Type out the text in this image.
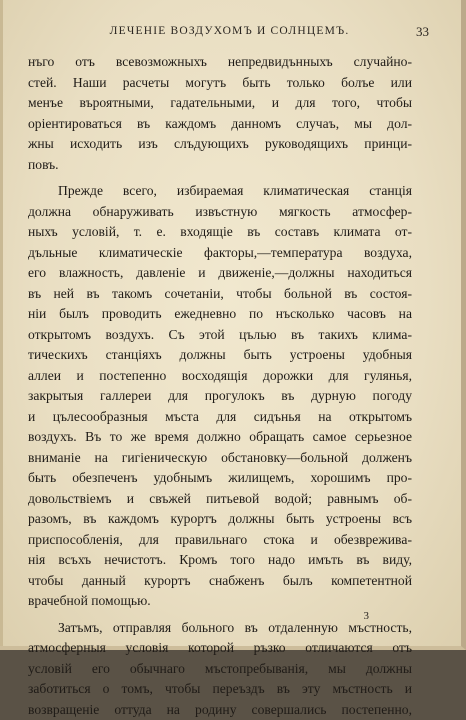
ЛЕЧЕНІЕ ВОЗДУХОМЪ И СОЛНЦЕМЪ.	33

нъго отъ всевозможныхъ непредвидънныхъ случайно-
стей. Наши расчеты могутъ быть только болъе или
менъе въроятными, гадательными, и для того, чтобы
оріентироваться въ каждомъ данномъ случаъ, мы дол-
жны исходить изъ слъдующихъ руководящихъ принци-
повъ.

Прежде всего, избираемая климатическая станція
должна обнаруживать извъстную мягкость атмосфер-
ныхъ условій, т. е. входящіе въ составъ климата от-
дъльные климатическіе факторы,—температура воздуха,
его влажность, давленіе и движеніе,—должны находиться
въ ней въ такомъ сочетаніи, чтобы больной въ состоя-
ніи былъ проводить ежедневно по нъсколько часовъ на
открытомъ воздухъ. Съ этой цълью въ такихъ клима-
тическихъ станціяхъ должны быть устроены удобныя
аллеи и постепенно восходящія дорожки для гулянья,
закрытыя галлереи для прогулокъ въ дурную погоду
и цълесообразныя мъста для сидънья на открытомъ
воздухъ. Въ то же время должно обращать самое серьезное
вниманіе на гигіеническую обстановку—больной долженъ
быть обезпеченъ удобнымъ жилищемъ, хорошимъ про-
довольствіемъ и свъжей питьевой водой; равнымъ об-
разомъ, въ каждомъ курортъ должны быть устроены всъ
приспособленія, для правильнаго стока и обезвреживa-
нія всъхъ нечистотъ. Кромъ того надо имъть въ виду,
чтобы данный курортъ снабженъ былъ компетентной
врачебной помощью.

Затъмъ, отправляя больного въ отдаленную мъстность,
атмосферныя условія которой ръзко отличаются отъ
условій его обычнаго мъстопребыванія, мы должны
заботиться о томъ, чтобы переъздъ въ эту мъстность и
возвращеніе оттуда на родину совершались постепенно,

3
